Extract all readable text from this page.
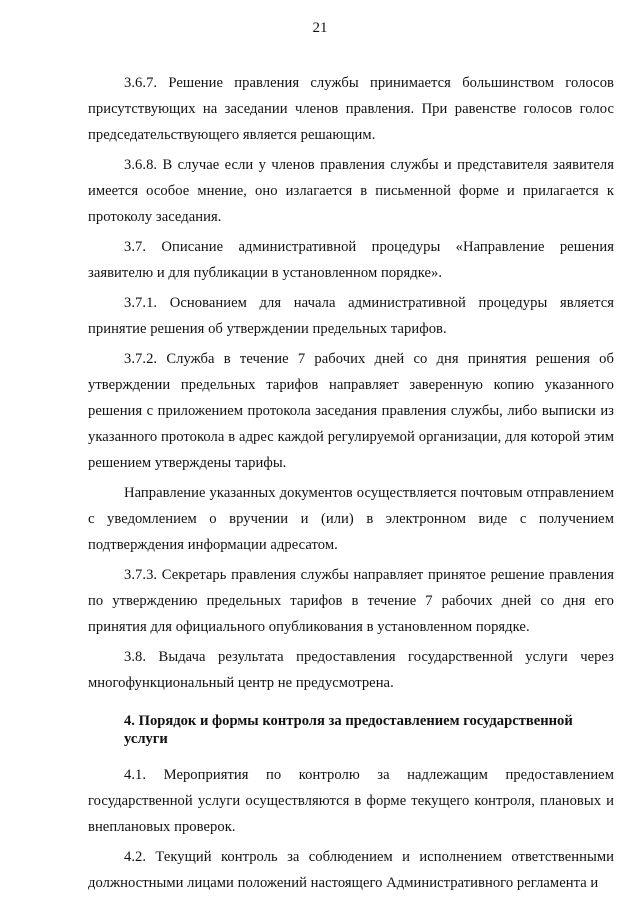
21

3.6.7. Решение правления службы принимается большинством голосов присутствующих на заседании членов правления. При равенстве голосов голос председательствующего является решающим.

3.6.8. В случае если у членов правления службы и представителя заявителя имеется особое мнение, оно излагается в письменной форме и прилагается к протоколу заседания.

3.7. Описание административной процедуры «Направление решения заявителю и для публикации в установленном порядке».

3.7.1. Основанием для начала административной процедуры является принятие решения об утверждении предельных тарифов.

3.7.2. Служба в течение 7 рабочих дней со дня принятия решения об утверждении предельных тарифов направляет заверенную копию указанного решения с приложением протокола заседания правления службы, либо выписки из указанного протокола в адрес каждой регулируемой организации, для которой этим решением утверждены тарифы.

Направление указанных документов осуществляется почтовым отправлением с уведомлением о вручении и (или) в электронном виде с получением подтверждения информации адресатом.

3.7.3. Секретарь правления службы направляет принятое решение правления по утверждению предельных тарифов в течение 7 рабочих дней со дня его принятия для официального опубликования в установленном порядке.

3.8. Выдача результата предоставления государственной услуги через многофункциональный центр не предусмотрена.

4. Порядок и формы контроля за предоставлением государственной услуги

4.1. Мероприятия по контролю за надлежащим предоставлением государственной услуги осуществляются в форме текущего контроля, плановых и внеплановых проверок.

4.2. Текущий контроль за соблюдением и исполнением ответственными должностными лицами положений настоящего Административного регламента и
